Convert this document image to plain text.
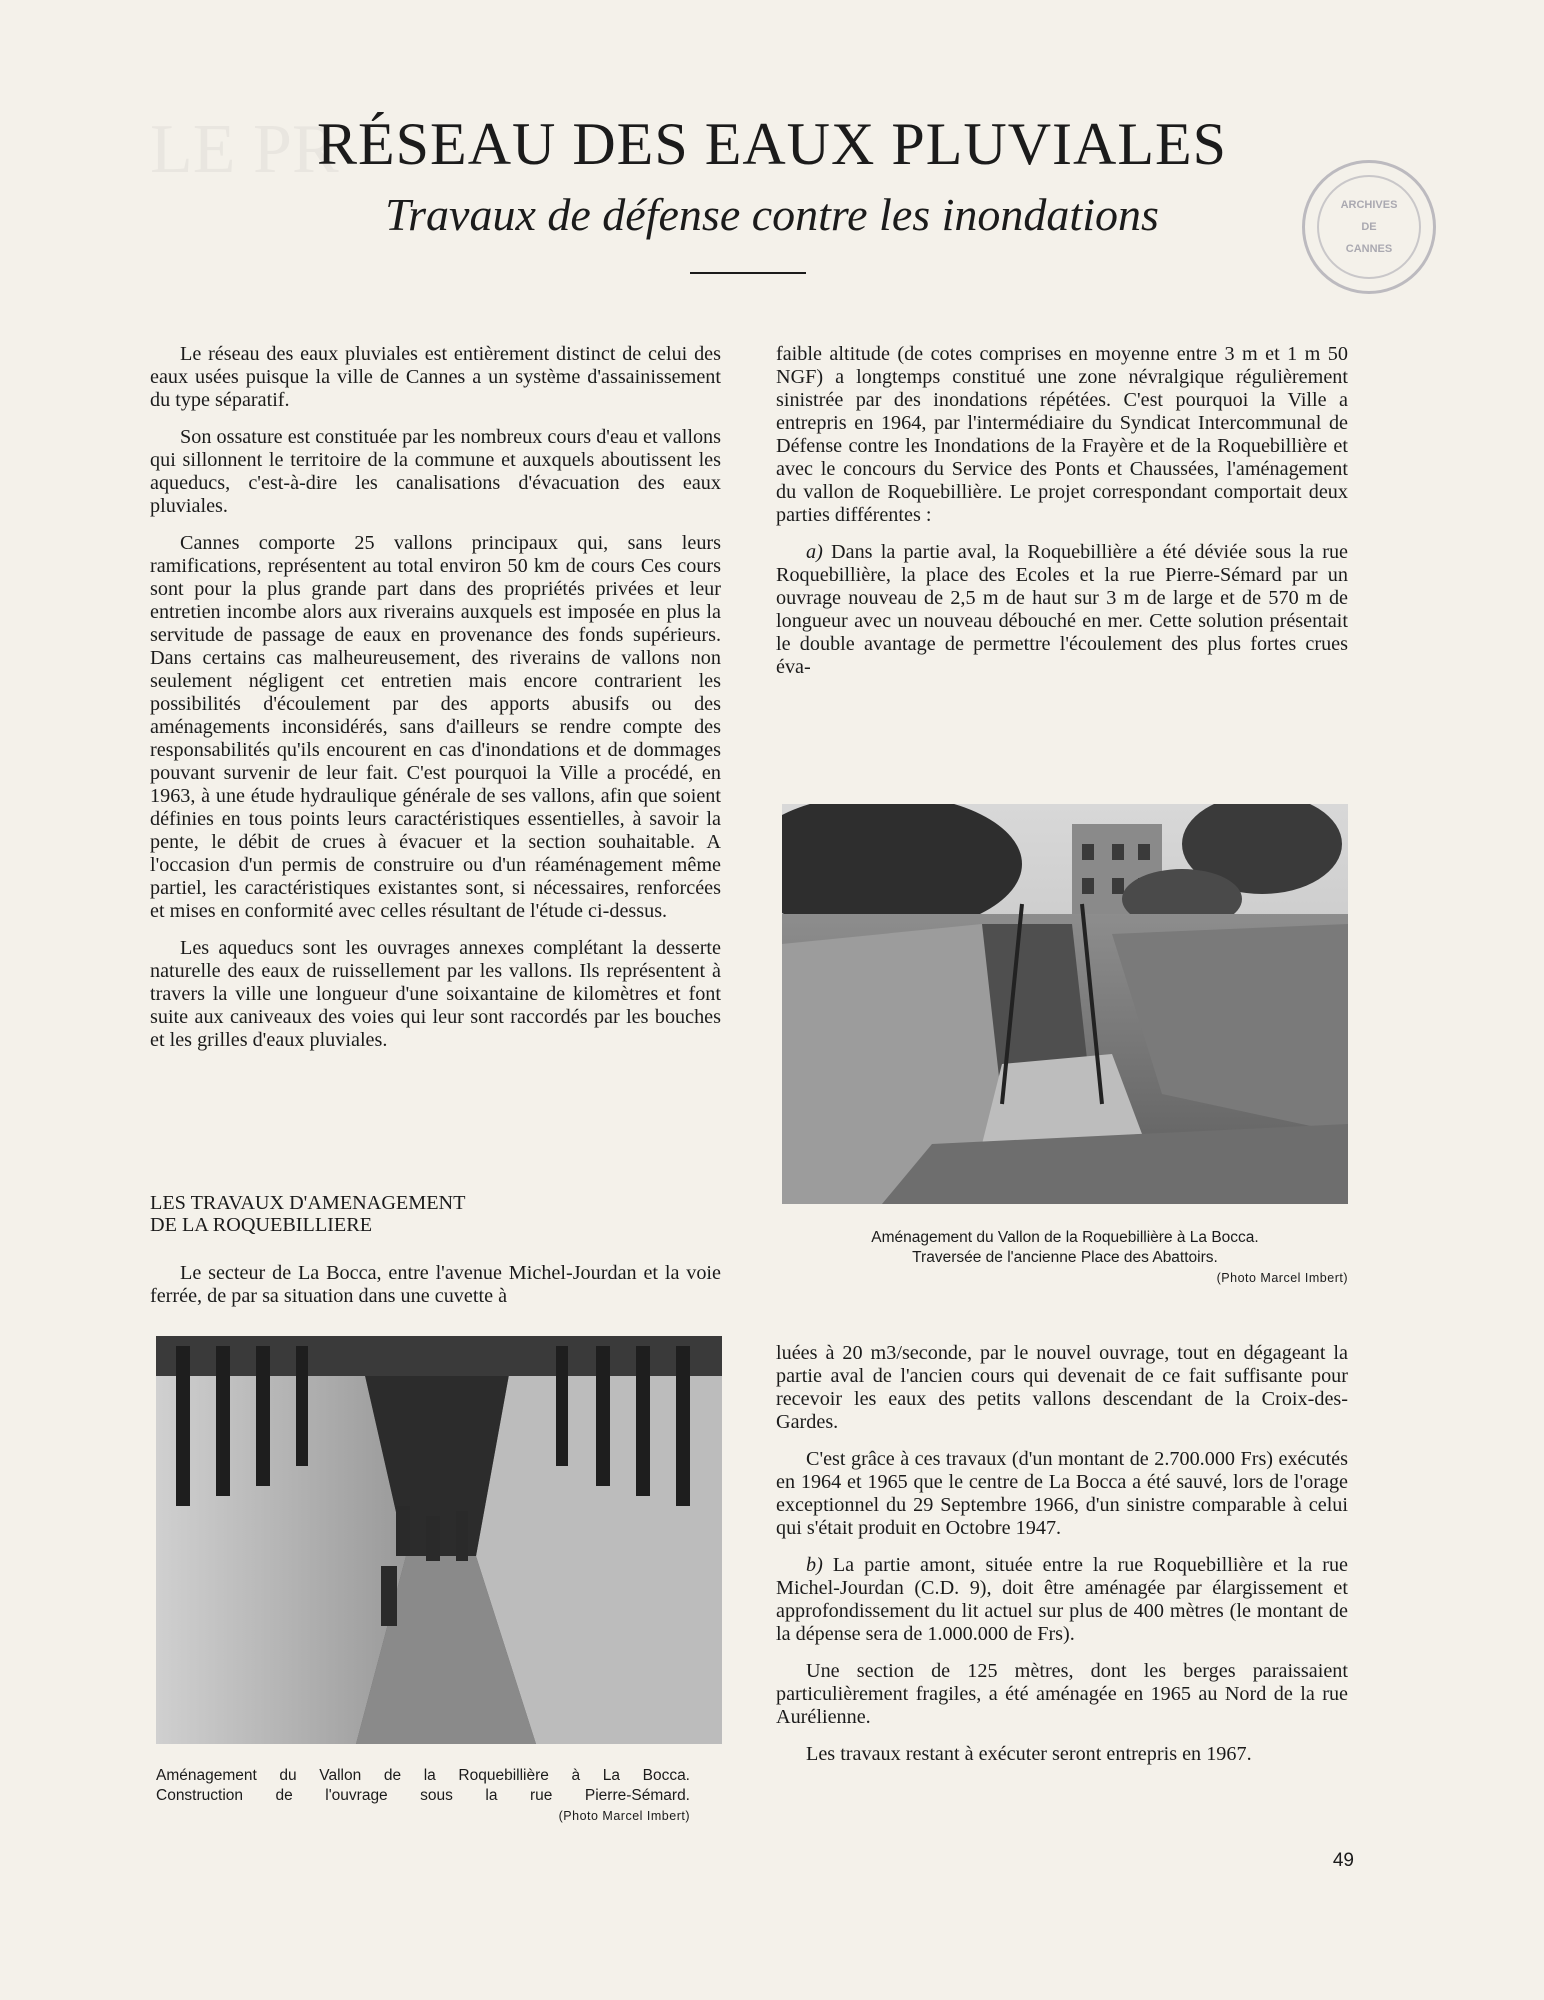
LE PR
ARCHIVES
DE
CANNES
RÉSEAU DES EAUX PLUVIALES
Travaux de défense contre les inondations

Le réseau des eaux pluviales est entièrement distinct de celui des eaux usées puisque la ville de Cannes a un système d'assainissement du type séparatif.

Son ossature est constituée par les nombreux cours d'eau et vallons qui sillonnent le territoire de la commune et auxquels aboutissent les aqueducs, c'est-à-dire les canalisations d'évacuation des eaux pluviales.

Cannes comporte 25 vallons principaux qui, sans leurs ramifications, représentent au total environ 50 km de cours Ces cours sont pour la plus grande part dans des propriétés privées et leur entretien incombe alors aux riverains auxquels est imposée en plus la servitude de passage de eaux en provenance des fonds supérieurs. Dans certains cas malheureusement, des riverains de vallons non seulement négligent cet entretien mais encore contrarient les possibilités d'écoulement par des apports abusifs ou des aménagements inconsidérés, sans d'ailleurs se rendre compte des responsabilités qu'ils encourent en cas d'inondations et de dommages pouvant survenir de leur fait. C'est pourquoi la Ville a procédé, en 1963, à une étude hydraulique générale de ses vallons, afin que soient définies en tous points leurs caractéristiques essentielles, à savoir la pente, le débit de crues à évacuer et la section souhaitable. A l'occasion d'un permis de construire ou d'un réaménagement même partiel, les caractéristiques existantes sont, si nécessaires, renforcées et mises en conformité avec celles résultant de l'étude ci-dessus.

Les aqueducs sont les ouvrages annexes complétant la desserte naturelle des eaux de ruissellement par les vallons. Ils représentent à travers la ville une longueur d'une soixantaine de kilomètres et font suite aux caniveaux des voies qui leur sont raccordés par les bouches et les grilles d'eaux pluviales.

LES TRAVAUX D'AMENAGEMENT
DE LA ROQUEBILLIERE

Le secteur de La Bocca, entre l'avenue Michel-Jourdan et la voie ferrée, de par sa situation dans une cuvette à

faible altitude (de cotes comprises en moyenne entre 3 m et 1 m 50 NGF) a longtemps constitué une zone névralgique régulièrement sinistrée par des inondations répétées. C'est pourquoi la Ville a entrepris en 1964, par l'intermédiaire du Syndicat Intercommunal de Défense contre les Inondations de la Frayère et de la Roquebillière et avec le concours du Service des Ponts et Chaussées, l'aménagement du vallon de Roquebillière. Le projet correspondant comportait deux parties différentes :

a) Dans la partie aval, la Roquebillière a été déviée sous la rue Roquebillière, la place des Ecoles et la rue Pierre-Sémard par un ouvrage nouveau de 2,5 m de haut sur 3 m de large et de 570 m de longueur avec un nouveau débouché en mer. Cette solution présentait le double avantage de permettre l'écoulement des plus fortes crues éva-

Aménagement du Vallon de la Roquebillière à La Bocca.
Traversée de l'ancienne Place des Abattoirs.
(Photo Marcel Imbert)
Aménagement du Vallon de la Roquebillière à La Bocca.
Construction de l'ouvrage sous la rue Pierre-Sémard.
(Photo Marcel Imbert)

luées à 20 m3/seconde, par le nouvel ouvrage, tout en dégageant la partie aval de l'ancien cours qui devenait de ce fait suffisante pour recevoir les eaux des petits vallons descendant de la Croix-des-Gardes.

C'est grâce à ces travaux (d'un montant de 2.700.000 Frs) exécutés en 1964 et 1965 que le centre de La Bocca a été sauvé, lors de l'orage exceptionnel du 29 Septembre 1966, d'un sinistre comparable à celui qui s'était produit en Octobre 1947.

b) La partie amont, située entre la rue Roquebillière et la rue Michel-Jourdan (C.D. 9), doit être aménagée par élargissement et approfondissement du lit actuel sur plus de 400 mètres (le montant de la dépense sera de 1.000.000 de Frs).

Une section de 125 mètres, dont les berges paraissaient particulièrement fragiles, a été aménagée en 1965 au Nord de la rue Aurélienne.

Les travaux restant à exécuter seront entrepris en 1967.

49
